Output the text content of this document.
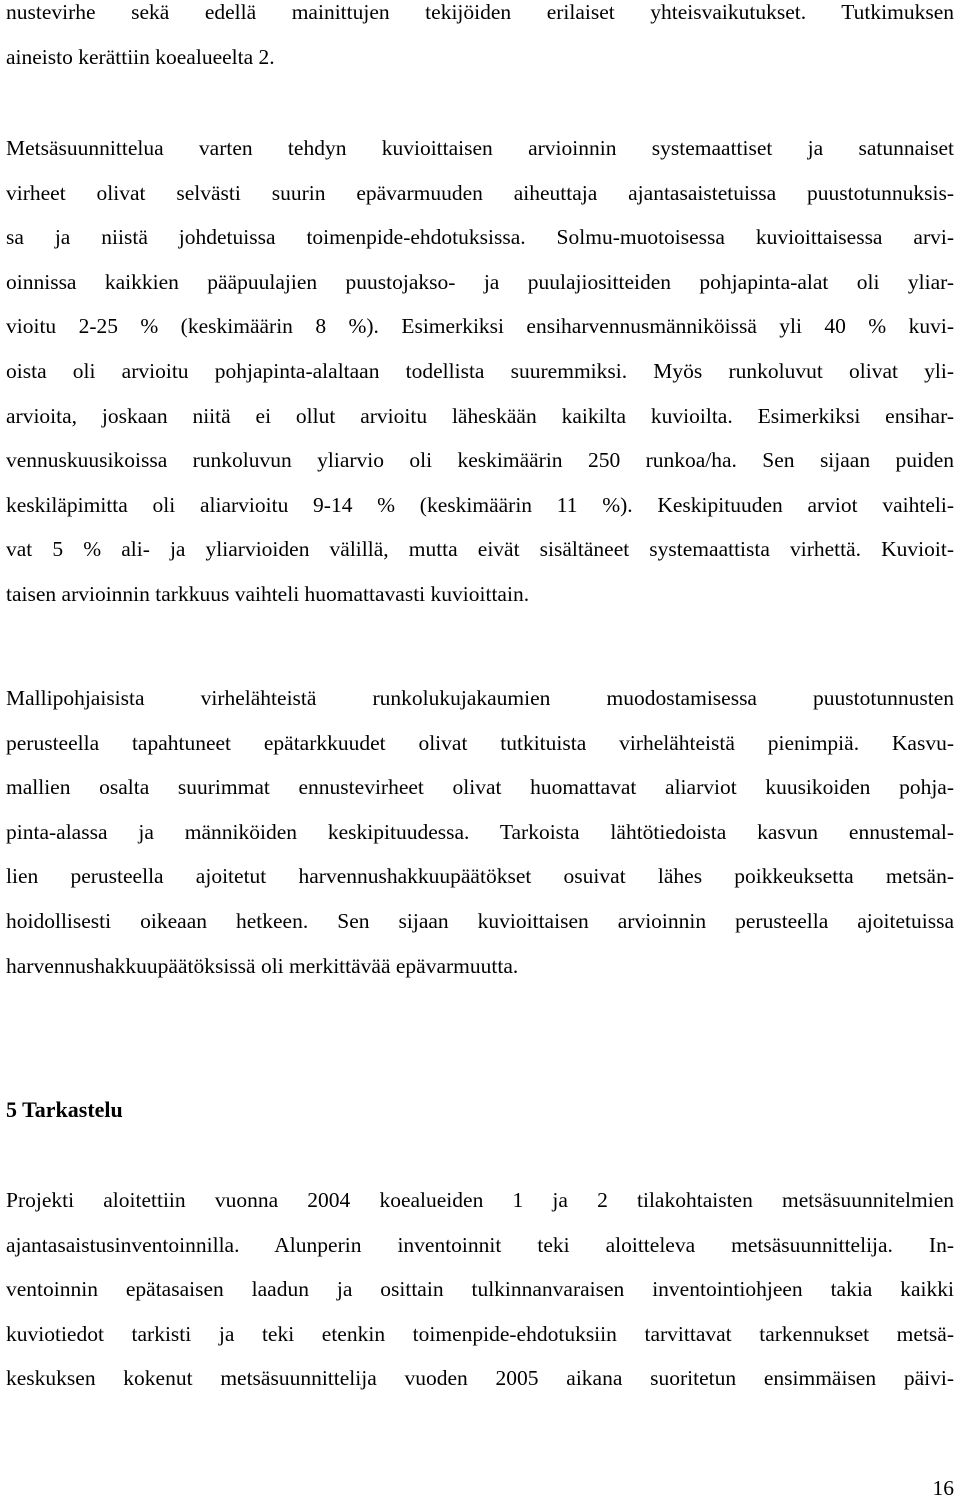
nustevirhe sekä edellä mainittujen tekijöiden erilaiset yhteisvaikutukset. Tutkimuksen
aineisto kerättiin koealueelta 2.
Metsäsuunnittelua varten tehdyn kuvioittaisen arvioinnin systemaattiset ja satunnaiset
virheet olivat selvästi suurin epävarmuuden aiheuttaja ajantasaistetuissa puustotunnuksis-
sa ja niistä johdetuissa toimenpide-ehdotuksissa. Solmu-muotoisessa kuvioittaisessa arvi-
oinnissa kaikkien pääpuulajien puustojakso- ja puulajiositteiden pohjapinta-alat oli yliar-
vioitu 2-25 % (keskimäärin 8 %). Esimerkiksi ensiharvennusmänniköissä yli 40 % kuvi-
oista oli arvioitu pohjapinta-alaltaan todellista suuremmiksi. Myös runkoluvut olivat yli-
arvioita, joskaan niitä ei ollut arvioitu läheskään kaikilta kuvioilta. Esimerkiksi ensihar-
vennuskuusikoissa runkoluvun yliarvio oli keskimäärin 250 runkoa/ha. Sen sijaan puiden
keskiläpimitta oli aliarvioitu 9-14 % (keskimäärin 11 %). Keskipituuden arviot vaihteli-
vat 5 % ali- ja yliarvioiden välillä, mutta eivät sisältäneet systemaattista virhettä. Kuvioit-
taisen arvioinnin tarkkuus vaihteli huomattavasti kuvioittain.
Mallipohjaisista virhelähteistä runkolukujakaumien muodostamisessa puustotunnusten
perusteella tapahtuneet epätarkkuudet olivat tutkituista virhelähteistä pienimpiä. Kasvu-
mallien osalta suurimmat ennustevirheet olivat huomattavat aliarviot kuusikoiden pohja-
pinta-alassa ja männiköiden keskipituudessa. Tarkoista lähtötiedoista kasvun ennustemal-
lien perusteella ajoitetut harvennushakkuupäätökset osuivat lähes poikkeuksetta metsän-
hoidollisesti oikeaan hetkeen. Sen sijaan kuvioittaisen arvioinnin perusteella ajoitetuissa
harvennushakkuupäätöksissä oli merkittävää epävarmuutta.
5 Tarkastelu
Projekti aloitettiin vuonna 2004 koealueiden 1 ja 2 tilakohtaisten metsäsuunnitelmien
ajantasaistusinventoinnilla. Alunperin inventoinnit teki aloitteleva metsäsuunnittelija. In-
ventoinnin epätasaisen laadun ja osittain tulkinnanvaraisen inventointiohjeen takia kaikki
kuviotiedot tarkisti ja teki etenkin toimenpide-ehdotuksiin tarvittavat tarkennukset metsä-
keskuksen kokenut metsäsuunnittelija vuoden 2005 aikana suoritetun ensimmäisen päivi-
16
